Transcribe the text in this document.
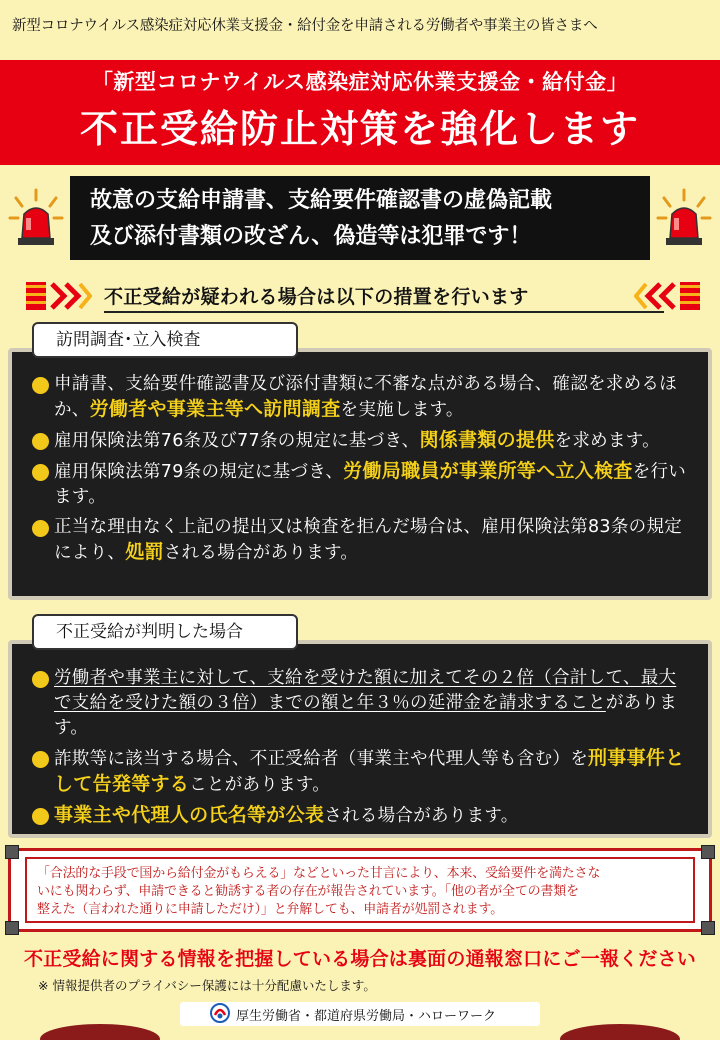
新型コロナウイルス感染症対応休業支援金・給付金を申請される労働者や事業主の皆さまへ
「新型コロナウイルス感染症対応休業支援金・給付金」
不正受給防止対策を強化します
故意の支給申請書、支給要件確認書の虚偽記載
及び添付書類の改ざん、偽造等は犯罪です！
不正受給が疑われる場合は以下の措置を行います
申請書、支給要件確認書及び添付書類に不審な点がある場合、確認を求めるほか、労働者や事業主等へ訪問調査を実施します。
雇用保険法第76条及び77条の規定に基づき、関係書類の提供を求めます。
雇用保険法第79条の規定に基づき、労働局職員が事業所等へ立入検査を行います。
正当な理由なく上記の提出又は検査を拒んだ場合は、雇用保険法第83条の規定により、処罰される場合があります。
訪問調査･立入検査
労働者や事業主に対して、支給を受けた額に加えてその２倍（合計して、最大で支給を受けた額の３倍）までの額と年３％の延滞金を請求することがあります。
詐欺等に該当する場合、不正受給者（事業主や代理人等も含む）を刑事事件として告発等することがあります。
事業主や代理人の氏名等が公表される場合があります。
不正受給が判明した場合
「合法的な手段で国から給付金がもらえる」などといった甘言により、本来、受給要件を満たさな
いにも関わらず、申請できると勧誘する者の存在が報告されています。「他の者が全ての書類を
整えた（言われた通りに申請しただけ）」と弁解しても、申請者が処罰されます。
不正受給に関する情報を把握している場合は裏面の通報窓口にご一報ください
※ 情報提供者のプライバシー保護には十分配慮いたします。
厚生労働省・都道府県労働局・ハローワーク
